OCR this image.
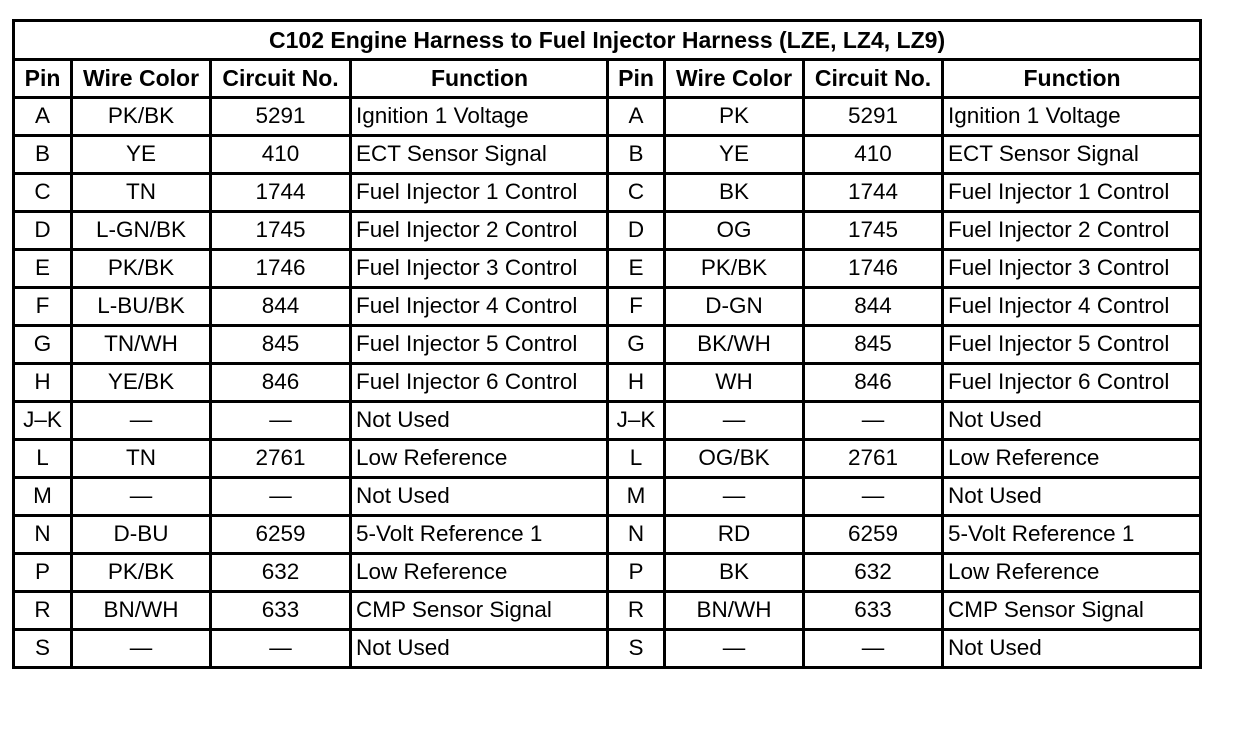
C102 Engine Harness to Fuel Injector Harness (LZE, LZ4, LZ9)							
Pin	Wire Color	Circuit No.	Function	Pin	Wire Color	Circuit No.	Function
A	PK/BK	5291	Ignition 1 Voltage	A	PK	5291	Ignition 1 Voltage
B	YE	410	ECT Sensor Signal	B	YE	410	ECT Sensor Signal
C	TN	1744	Fuel Injector 1 Control	C	BK	1744	Fuel Injector 1 Control
D	L-GN/BK	1745	Fuel Injector 2 Control	D	OG	1745	Fuel Injector 2 Control
E	PK/BK	1746	Fuel Injector 3 Control	E	PK/BK	1746	Fuel Injector 3 Control
F	L-BU/BK	844	Fuel Injector 4 Control	F	D-GN	844	Fuel Injector 4 Control
G	TN/WH	845	Fuel Injector 5 Control	G	BK/WH	845	Fuel Injector 5 Control
H	YE/BK	846	Fuel Injector 6 Control	H	WH	846	Fuel Injector 6 Control
J–K	—	—	Not Used	J–K	—	—	Not Used
L	TN	2761	Low Reference	L	OG/BK	2761	Low Reference
M	—	—	Not Used	M	—	—	Not Used
N	D-BU	6259	5-Volt Reference 1	N	RD	6259	5-Volt Reference 1
P	PK/BK	632	Low Reference	P	BK	632	Low Reference
R	BN/WH	633	CMP Sensor Signal	R	BN/WH	633	CMP Sensor Signal
S	—	—	Not Used	S	—	—	Not Used
